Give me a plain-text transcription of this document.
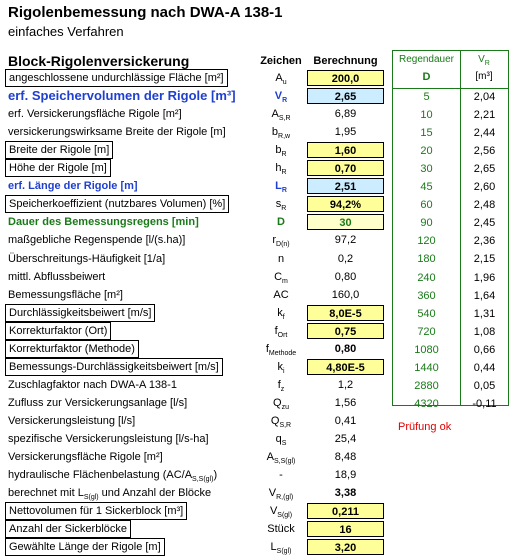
Rigolenbemessung nach DWA-A 138-1
einfaches Verfahren
Block-Rigolenversickerung	Zeichen	Berechnung
angeschlossene undurchlässige Fläche [m²]	$A_u$	200,0
erf. Speichervolumen der Rigole [m³]	$V_R$	2,65
erf. Versickerungsfläche Rigole [m²]	$A_{S,R}$	6,89
versickerungswirksame Breite der Rigole [m]	$b_{R,w}$	1,95
Breite der Rigole [m]	$b_R$	1,60
Höhe der Rigole [m]	$h_R$	0,70
erf. Länge der Rigole [m]	$L_R$	2,51
Speicherkoeffizient (nutzbares Volumen) [%]	$s_R$	94,2%
Dauer des Bemessungsregens [min]	D	30
maßgebliche Regenspende [l/(s.ha)]	$r_{D(n)}$	97,2
Überschreitungs-Häufigkeit [1/a]	n	0,2
mittl. Abflussbeiwert	$C_m$	0,80
Bemessungsfläche [m²]	AC	160,0
Durchlässigkeitsbeiwert [m/s]	$k_f$	8,0E-5
Korrekturfaktor (Ort)	$f_{Ort}$	0,75
Korrekturfaktor (Methode)	$f_{Methode}$	0,80
Bemessungs-Durchlässigkeitsbeiwert [m/s]	$k_i$	4,80E-5
Zuschlagfaktor nach DWA-A 138-1	$f_z$	1,2
Zufluss zur Versickerungsanlage [l/s]	$Q_{zu}$	1,56
Versickerungsleistung [l/s]	$Q_{S,R}$	0,41
spezifische Versickerungsleistung [l/s-ha]	$q_S$	25,4
Versickerungsfläche Rigole [m²]	$A_{S,S(gl)}$	8,48
hydraulische Flächenbelastung $(AC/A_{S,S(gl)})$	-	18,9
berechnet mit $L_{S(gl)}$ und Anzahl der Blöcke	$V_{R,(gl)}$	3,38
Nettovolumen für 1 Sickerblock [m³]	$V_{S(gl)}$	0,211
Anzahl der Sickerblöcke	Stück	16
Gewählte Länge der Rigole [m]	$L_{S(gl)}$	3,20
Regendauer	$V_R$
D	[m³]
5	2,04
10	2,21
15	2,44
20	2,56
30	2,65
45	2,60
60	2,48
90	2,45
120	2,36
180	2,15
240	1,96
360	1,64
540	1,31
720	1,08
1080	0,66
1440	0,44
2880	0,05
4320	-0,11
Prüfung ok
